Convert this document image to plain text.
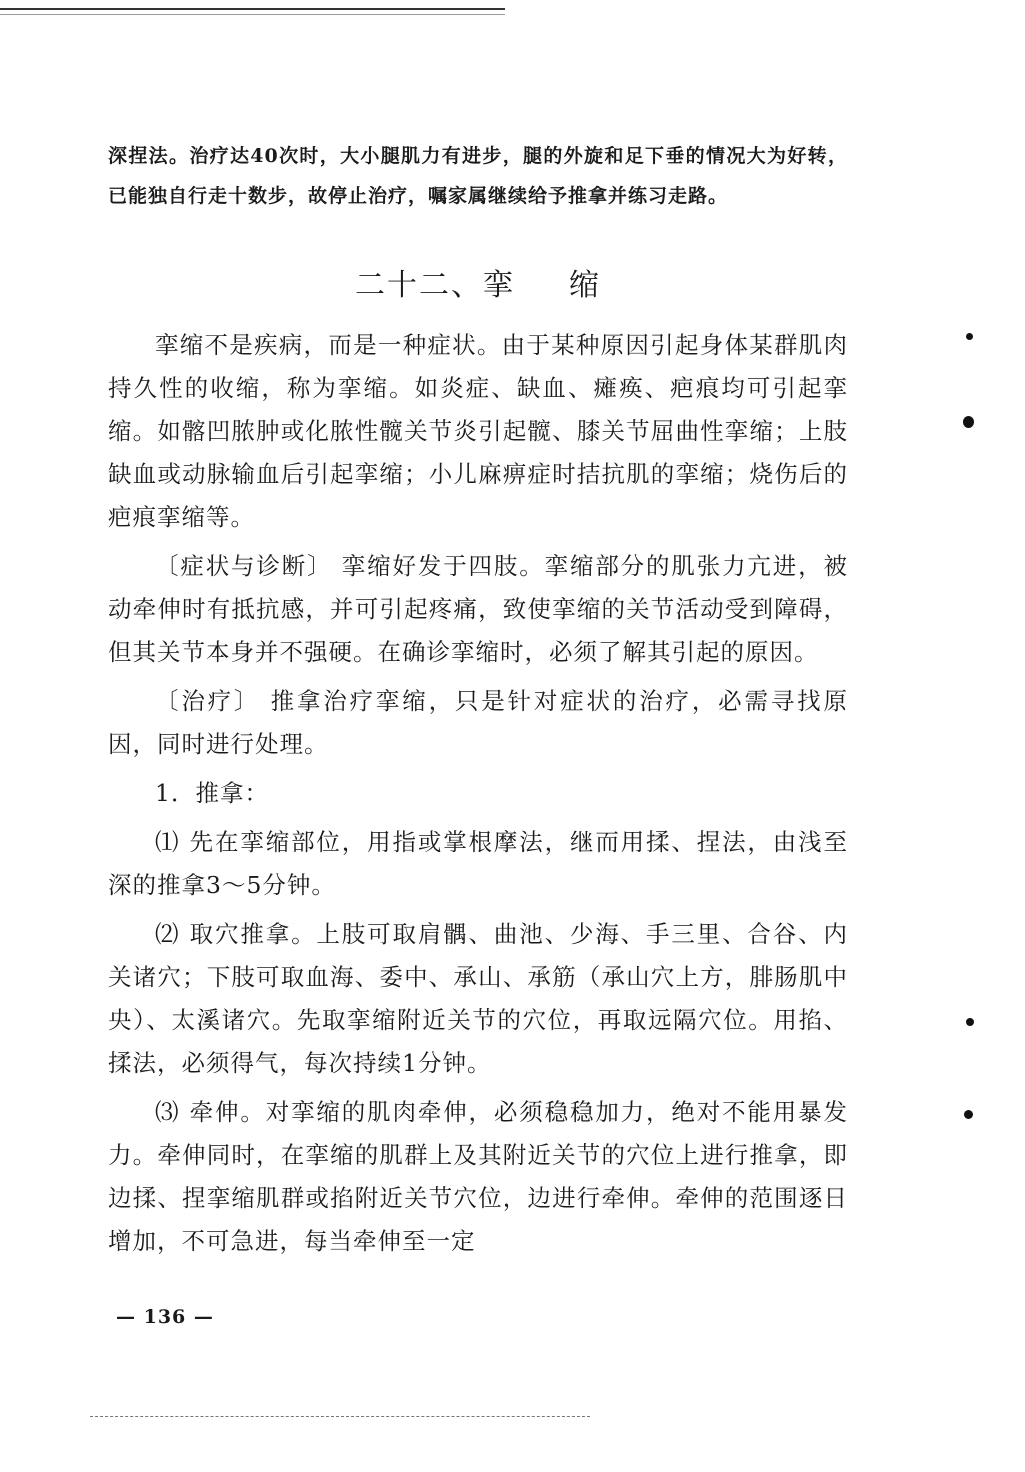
深捏法。治疗达40次时，大小腿肌力有进步，腿的外旋和足下垂的情况大为好转，已能独自行走十数步，故停止治疗，嘱家属继续给予推拿并练习走路。

二十二、挛 缩

挛缩不是疾病，而是一种症状。由于某种原因引起身体某群肌肉持久性的收缩，称为挛缩。如炎症、缺血、瘫痪、疤痕均可引起挛缩。如髂凹脓肿或化脓性髋关节炎引起髋、膝关节屈曲性挛缩；上肢缺血或动脉输血后引起挛缩；小儿麻痹症时拮抗肌的挛缩；烧伤后的疤痕挛缩等。

〔症状与诊断〕 挛缩好发于四肢。挛缩部分的肌张力亢进，被动牵伸时有抵抗感，并可引起疼痛，致使挛缩的关节活动受到障碍，但其关节本身并不强硬。在确诊挛缩时，必须了解其引起的原因。

〔治疗〕 推拿治疗挛缩，只是针对症状的治疗，必需寻找原因，同时进行处理。

1．推拿：

⑴ 先在挛缩部位，用指或掌根摩法，继而用揉、捏法，由浅至深的推拿3～5分钟。

⑵ 取穴推拿。上肢可取肩髃、曲池、少海、手三里、合谷、内关诸穴；下肢可取血海、委中、承山、承筋（承山穴上方，腓肠肌中央）、太溪诸穴。先取挛缩附近关节的穴位，再取远隔穴位。用掐、揉法，必须得气，每次持续1分钟。

⑶ 牵伸。对挛缩的肌肉牵伸，必须稳稳加力，绝对不能用暴发力。牵伸同时，在挛缩的肌群上及其附近关节的穴位上进行推拿，即边揉、捏挛缩肌群或掐附近关节穴位，边进行牵伸。牵伸的范围逐日增加，不可急进，每当牵伸至一定

— 136 —
